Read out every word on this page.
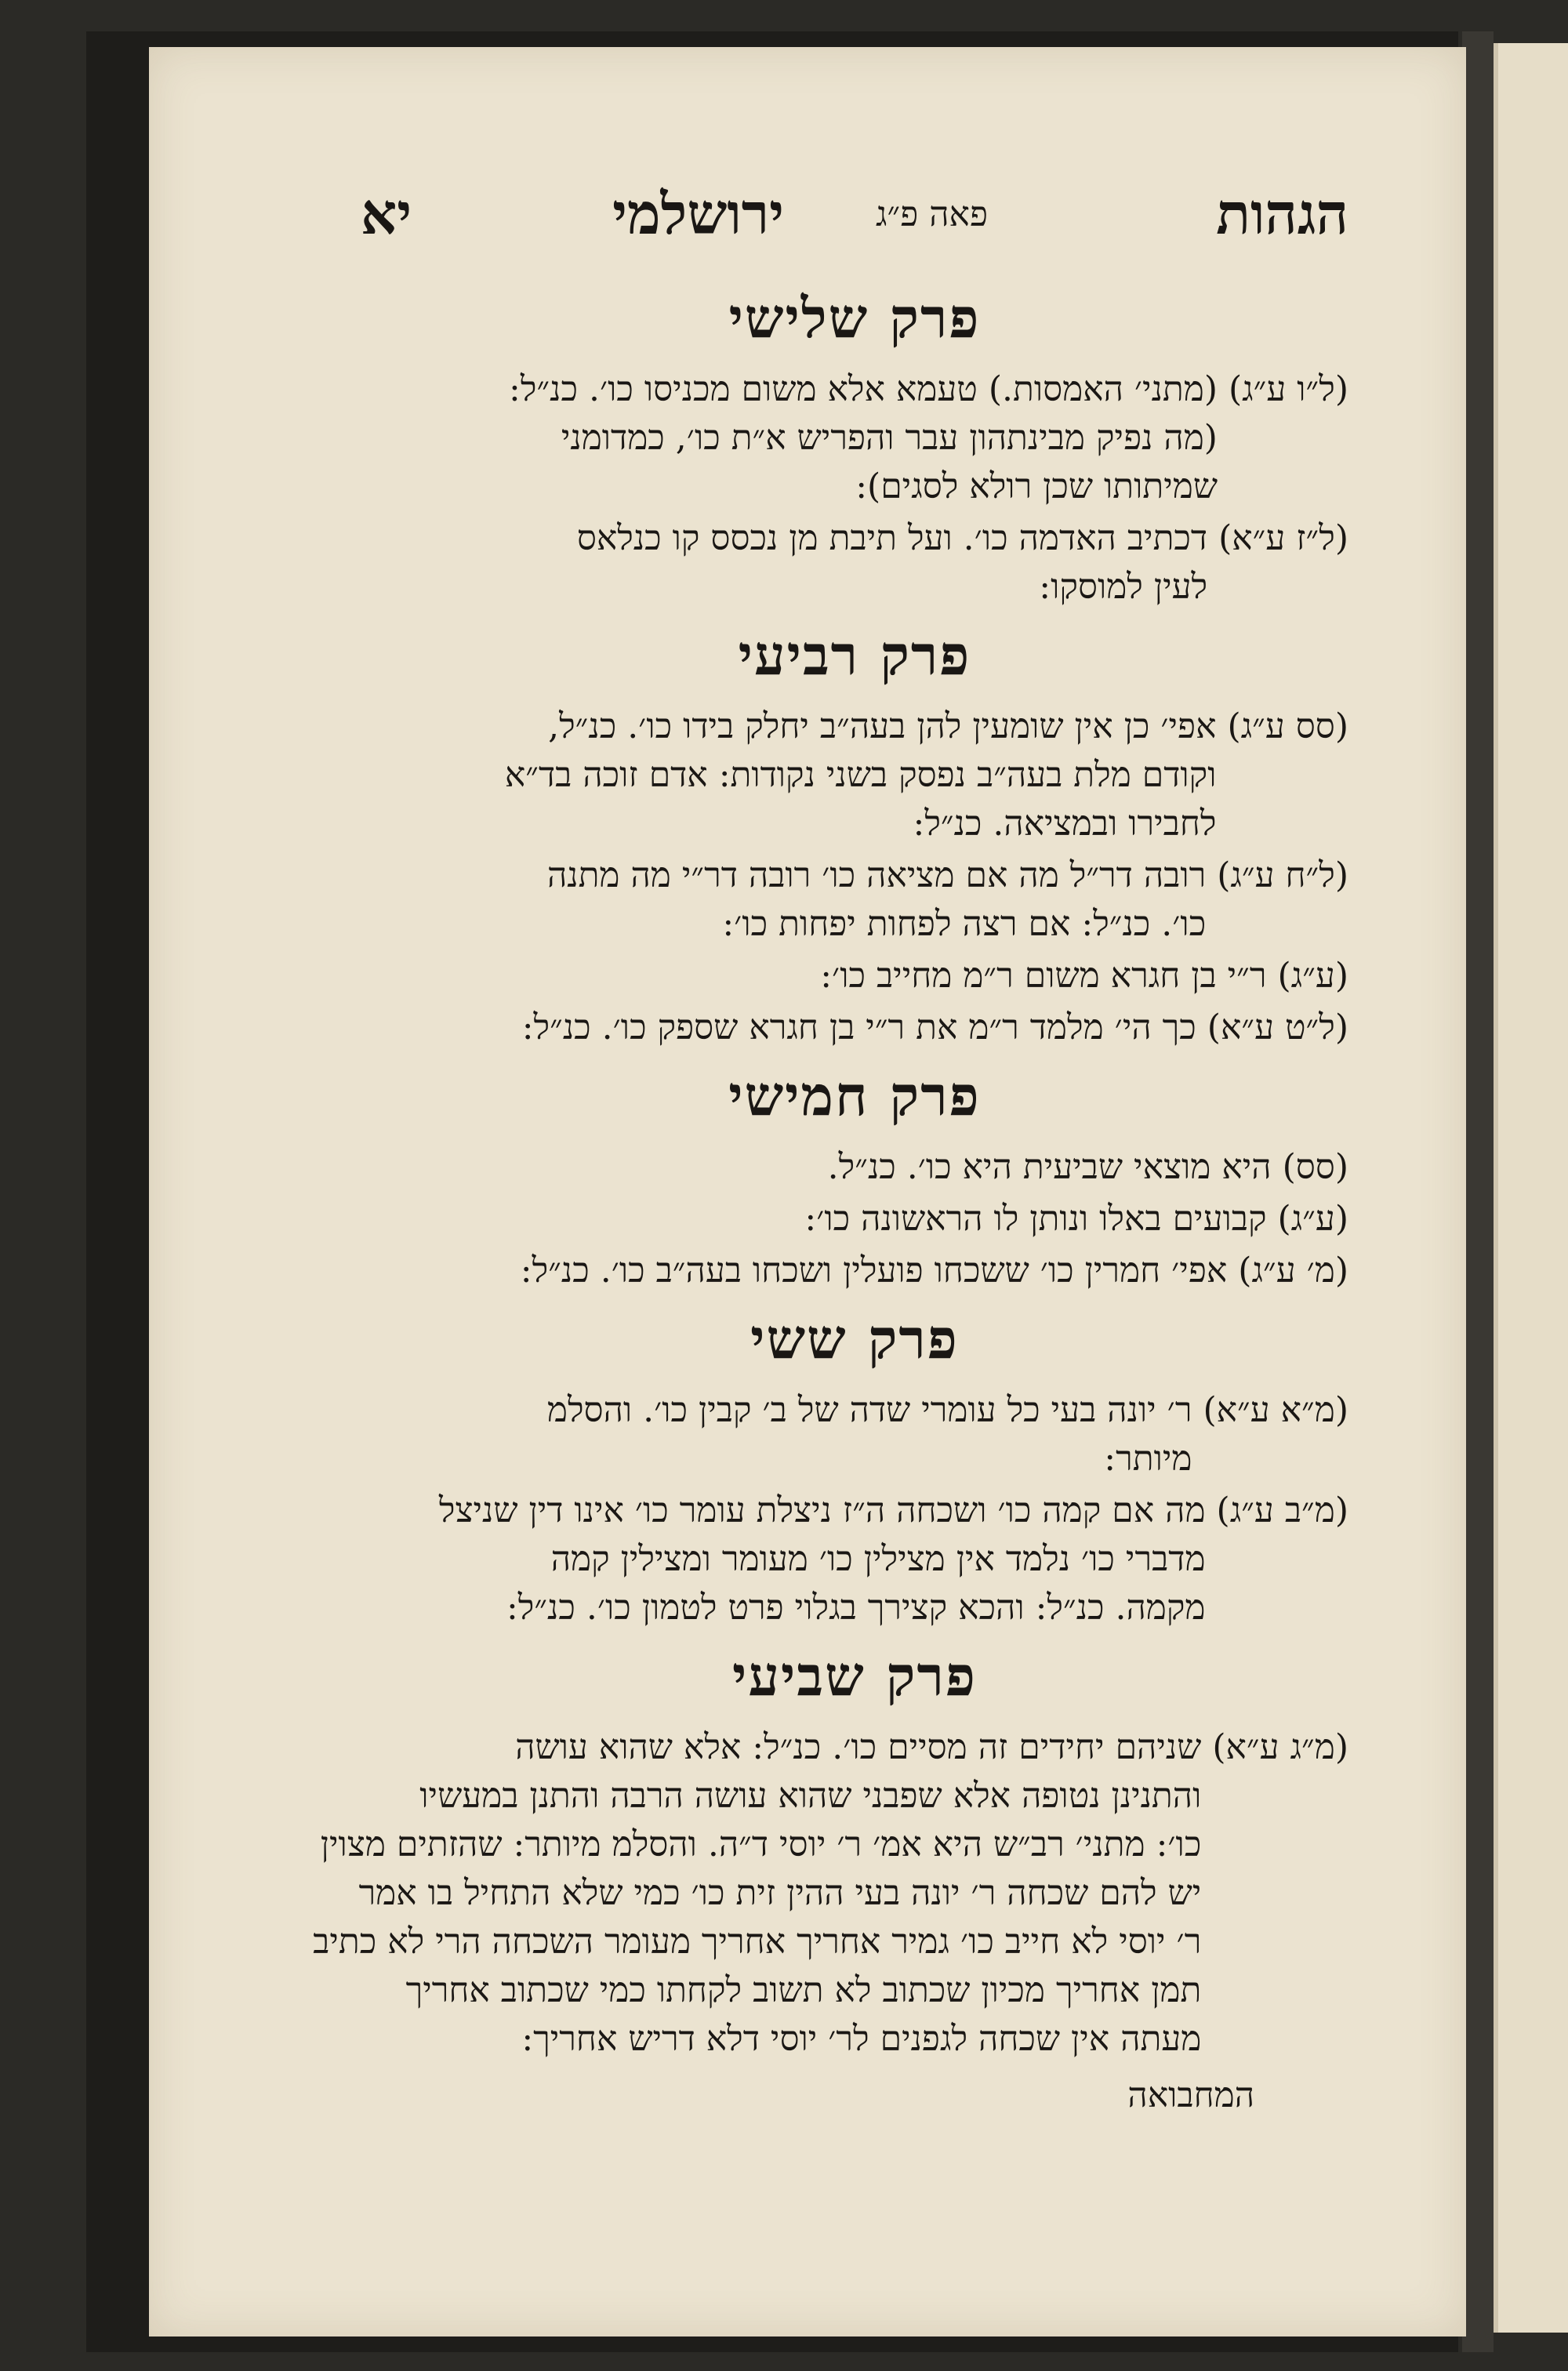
הגהות
פאה פ״ג
ירושלמי
יא
פרק שלישי
(ל״ו ע״ג)
(מתני׳ האמסות.) טעמא אלא משום מכניסו כו׳. כנ״ל:
(מה נפיק מבינתהון עבר והפריש א״ת כו׳, כמדומני
שמיתותו שכן רולא לסגים):
(ל״ז ע״א)
דכתיב האדמה כו׳. ועל תיבת מן נכסס קו כנלאס
לעין למוסקו:
פרק רביעי
(סס ע״ג)
אפי׳ כן אין שומעין להן בעה״ב יחלק בידו כו׳. כנ״ל,
וקודם מלת בעה״ב נפסק בשני נקודות: אדם זוכה בד״א
לחבירו ובמציאה. כנ״ל:
(ל״ח ע״ג)
רובה דר״ל מה אם מציאה כו׳ רובה דר״י מה מתנה
כו׳. כנ״ל: אם רצה לפחות יפחות כו׳:
(ע״ג)
ר״י בן חגרא משום ר״מ מחייב כו׳:
(ל״ט ע״א)
כך הי׳ מלמד ר״מ את ר״י בן חגרא שספק כו׳. כנ״ל:
פרק חמישי
(סס)
היא מוצאי שביעית היא כו׳. כנ״ל.
(ע״ג)
קבועים באלו ונותן לו הראשונה כו׳:
(מ׳ ע״ג)
אפי׳ חמרין כו׳ ששכחו פועלין ושכחו בעה״ב כו׳. כנ״ל:
פרק ששי
(מ״א ע״א)
ר׳ יונה בעי כל עומרי שדה של ב׳ קבין כו׳. והסלמ
מיותר:
(מ״ב ע״ג)
מה אם קמה כו׳ ושכחה ה״ז ניצלת עומר כו׳ אינו דין שניצל
מדברי כו׳ נלמד אין מצילין כו׳ מעומר ומצילין קמה
מקמה. כנ״ל: והכא קצירך בגלוי פרט לטמון כו׳. כנ״ל:
פרק שביעי
(מ״ג ע״א)
שניהם יחידים זה מסיים כו׳. כנ״ל: אלא שהוא עושה
והתנינן נטופה אלא שפבני שהוא עושה הרבה והתנן במעשיו
כו׳: מתני׳ רב״ש היא אמ׳ ר׳ יוסי ד״ה. והסלמ מיותר: שהזתים מצוין
יש להם שכחה ר׳ יונה בעי ההין זית כו׳ כמי שלא התחיל בו אמר
ר׳ יוסי לא חייב כו׳ גמיר אחריך אחריך מעומר השכחה הרי לא כתיב
תמן אחריך מכיון שכתוב לא תשוב לקחתו כמי שכתוב אחריך
מעתה אין שכחה לגפנים לר׳ יוסי דלא דריש אחריך:
המחבואה
